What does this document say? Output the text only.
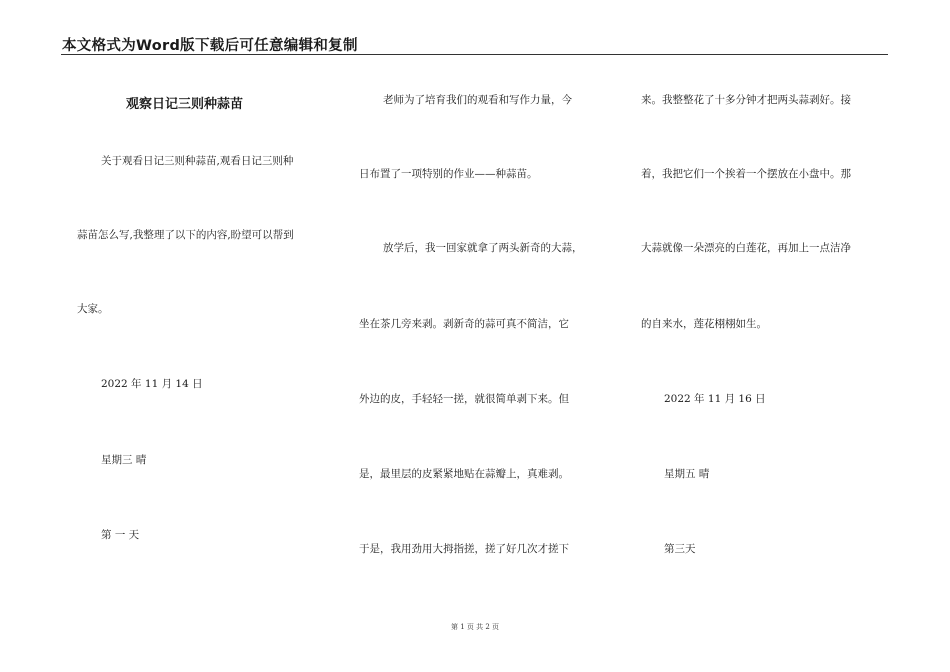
本文格式为Word版下载后可任意编辑和复制
观察日记三则种蒜苗
关于观看日记三则种蒜苗,观看日记三则种
蒜苗怎么写,我整理了以下的内容,盼望可以帮到
大家。
2022 年 11 月 14 日
星期三 晴
第 一 天
老师为了培育我们的观看和写作力量，今
日布置了一项特别的作业——种蒜苗。
放学后，我一回家就拿了两头新奇的大蒜，
坐在茶几旁来剥。剥新奇的蒜可真不简洁，它
外边的皮，手轻轻一搓，就很简单剥下来。但
是，最里层的皮紧紧地贴在蒜瓣上，真难剥。
于是，我用劲用大拇指搓，搓了好几次才搓下
来。我整整花了十多分钟才把两头蒜剥好。接
着，我把它们一个挨着一个摆放在小盘中。那
大蒜就像一朵漂亮的白莲花，再加上一点洁净
的自来水，莲花栩栩如生。
2022 年 11 月 16 日
星期五 晴
第三天
第 1 页 共 2 页
